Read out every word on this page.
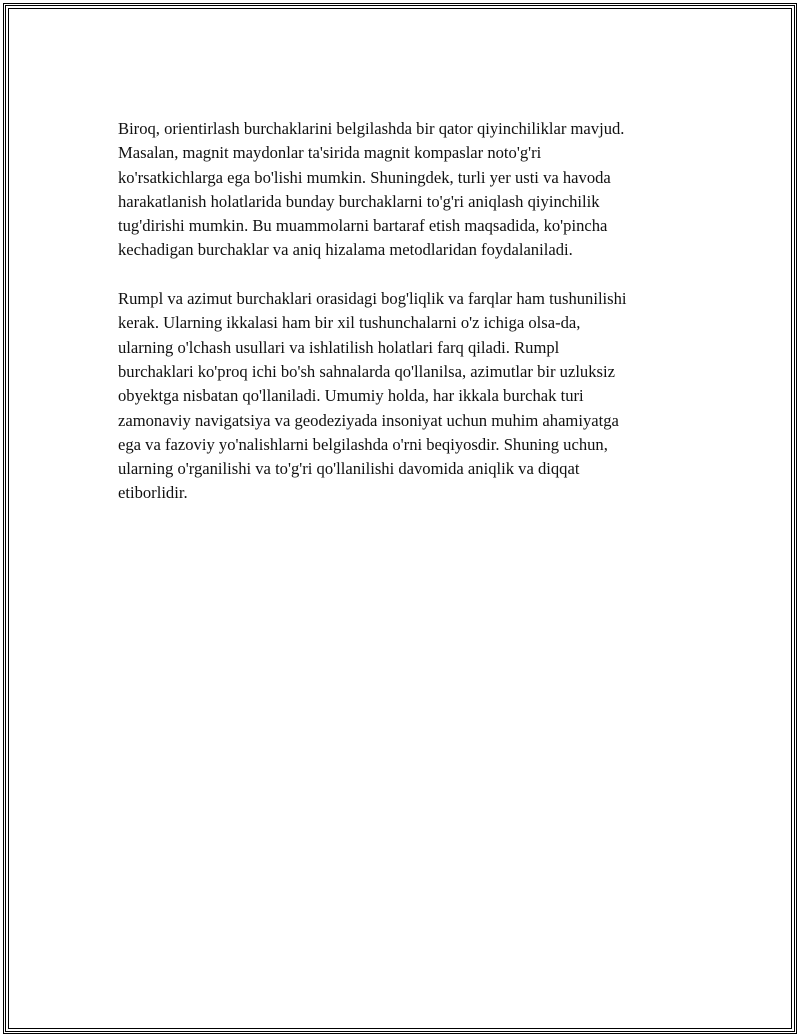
Biroq, orientirlash burchaklarini belgilashda bir qator qiyinchiliklar mavjud.
Masalan, magnit maydonlar ta'sirida magnit kompaslar noto'g'ri
ko'rsatkichlarga ega bo'lishi mumkin. Shuningdek, turli yer usti va havoda
harakatlanish holatlarida bunday burchaklarni to'g'ri aniqlash qiyinchilik
tug'dirishi mumkin. Bu muammolarni bartaraf etish maqsadida, ko'pincha
kechadigan burchaklar va aniq hizalama metodlaridan foydalaniladi.

Rumpl va azimut burchaklari orasidagi bog'liqlik va farqlar ham tushunilishi
kerak. Ularning ikkalasi ham bir xil tushunchalarni o'z ichiga olsa-da,
ularning o'lchash usullari va ishlatilish holatlari farq qiladi. Rumpl
burchaklari ko'proq ichi bo'sh sahnalarda qo'llanilsa, azimutlar bir uzluksiz
obyektga nisbatan qo'llaniladi. Umumiy holda, har ikkala burchak turi
zamonaviy navigatsiya va geodeziyada insoniyat uchun muhim ahamiyatga
ega va fazoviy yo'nalishlarni belgilashda o'rni beqiyosdir. Shuning uchun,
ularning o'rganilishi va to'g'ri qo'llanilishi davomida aniqlik va diqqat
etiborlidir.
